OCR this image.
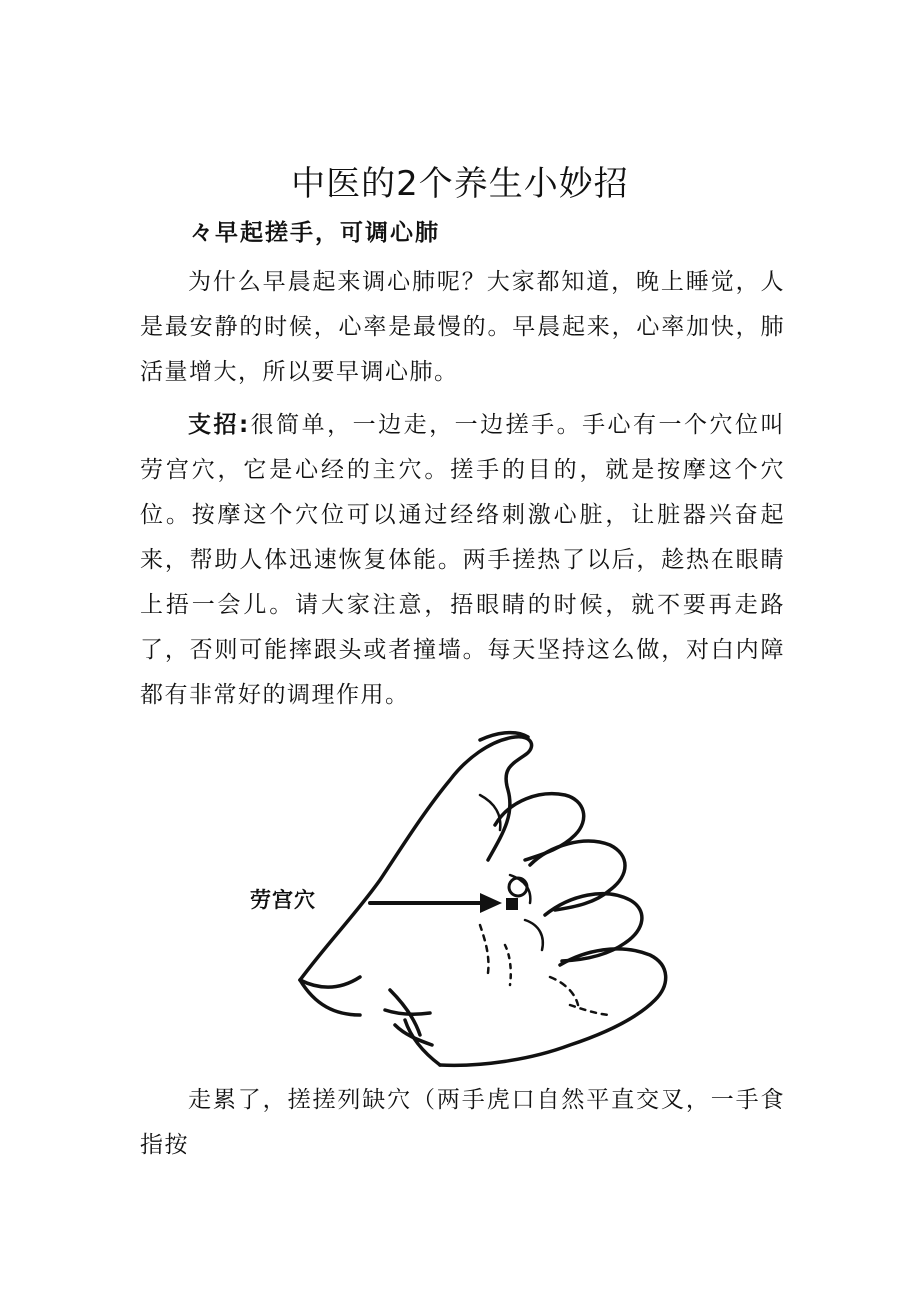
中医的2个养生小妙招
々早起搓手，可调心肺

为什么早晨起来调心肺呢？大家都知道，晚上睡觉，人是最安静的时候，心率是最慢的。早晨起来，心率加快，肺活量增大，所以要早调心肺。

支招:很简单，一边走，一边搓手。手心有一个穴位叫劳宫穴，它是心经的主穴。搓手的目的，就是按摩这个穴位。按摩这个穴位可以通过经络刺激心脏，让脏器兴奋起来，帮助人体迅速恢复体能。两手搓热了以后，趁热在眼睛上捂一会儿。请大家注意，捂眼睛的时候，就不要再走路了，否则可能摔跟头或者撞墙。每天坚持这么做，对白内障都有非常好的调理作用。

劳宫穴

走累了，搓搓列缺穴（两手虎口自然平直交叉，一手食指按
